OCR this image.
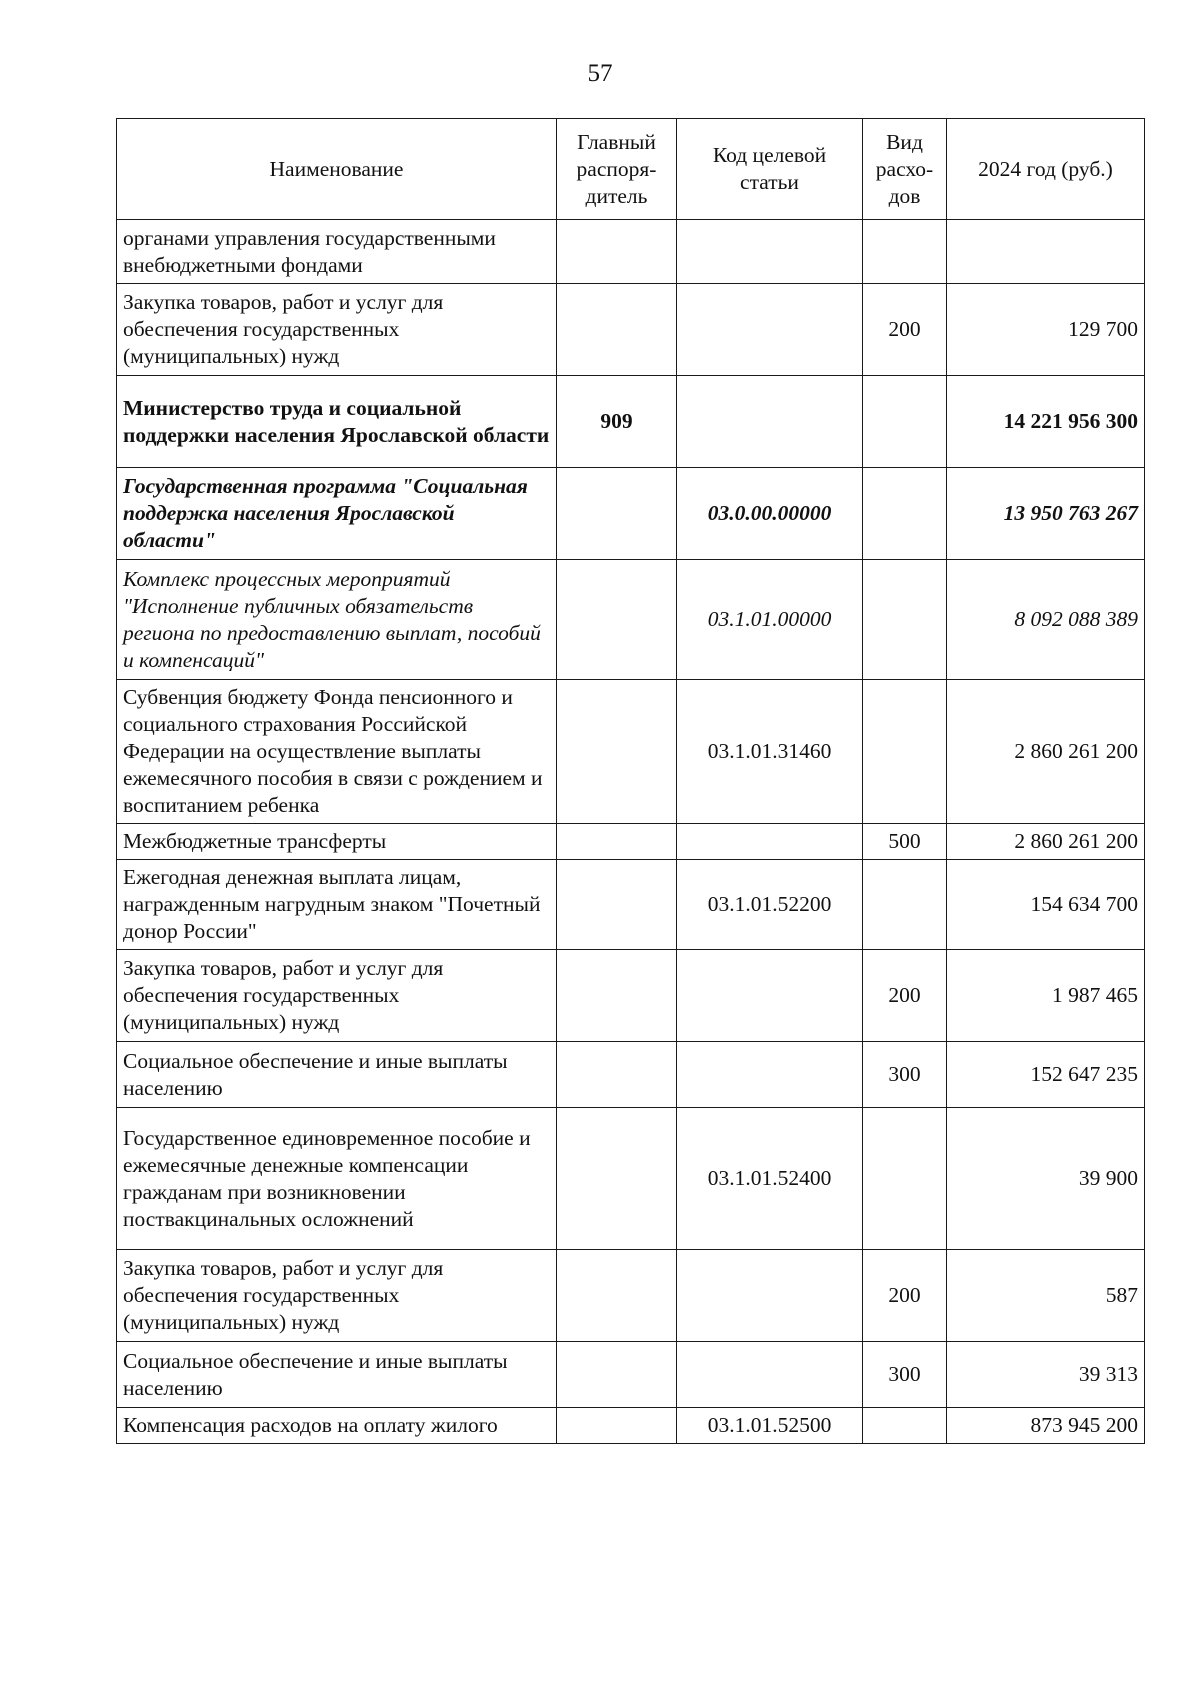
57
Наименование	Главный распоря- дитель	Код целевой статьи	Вид расхо- дов	2024 год (руб.)
органами управления государственными внебюджетными фондами				
Закупка товаров, работ и услуг для обеспечения государственных (муниципальных) нужд			200	129 700
Министерство труда и социальной поддержки населения Ярославской области	909			14 221 956 300
Государственная программа "Социальная поддержка населения Ярославской области"		03.0.00.00000		13 950 763 267
Комплекс процессных мероприятий "Исполнение публичных обязательств региона по предоставлению выплат, пособий и компенсаций"		03.1.01.00000		8 092 088 389
Субвенция бюджету Фонда пенсионного и социального страхования Российской Федерации на осуществление выплаты ежемесячного пособия в связи с рождением и воспитанием ребенка		03.1.01.31460		2 860 261 200
Межбюджетные трансферты			500	2 860 261 200
Ежегодная денежная выплата лицам, награжденным нагрудным знаком "Почетный донор России"		03.1.01.52200		154 634 700
Закупка товаров, работ и услуг для обеспечения государственных (муниципальных) нужд			200	1 987 465
Социальное обеспечение и иные выплаты населению			300	152 647 235
Государственное единовременное пособие и ежемесячные денежные компенсации гражданам при возникновении поствакцинальных осложнений		03.1.01.52400		39 900
Закупка товаров, работ и услуг для обеспечения государственных (муниципальных) нужд			200	587
Социальное обеспечение и иные выплаты населению			300	39 313
Компенсация расходов на оплату жилого		03.1.01.52500		873 945 200
